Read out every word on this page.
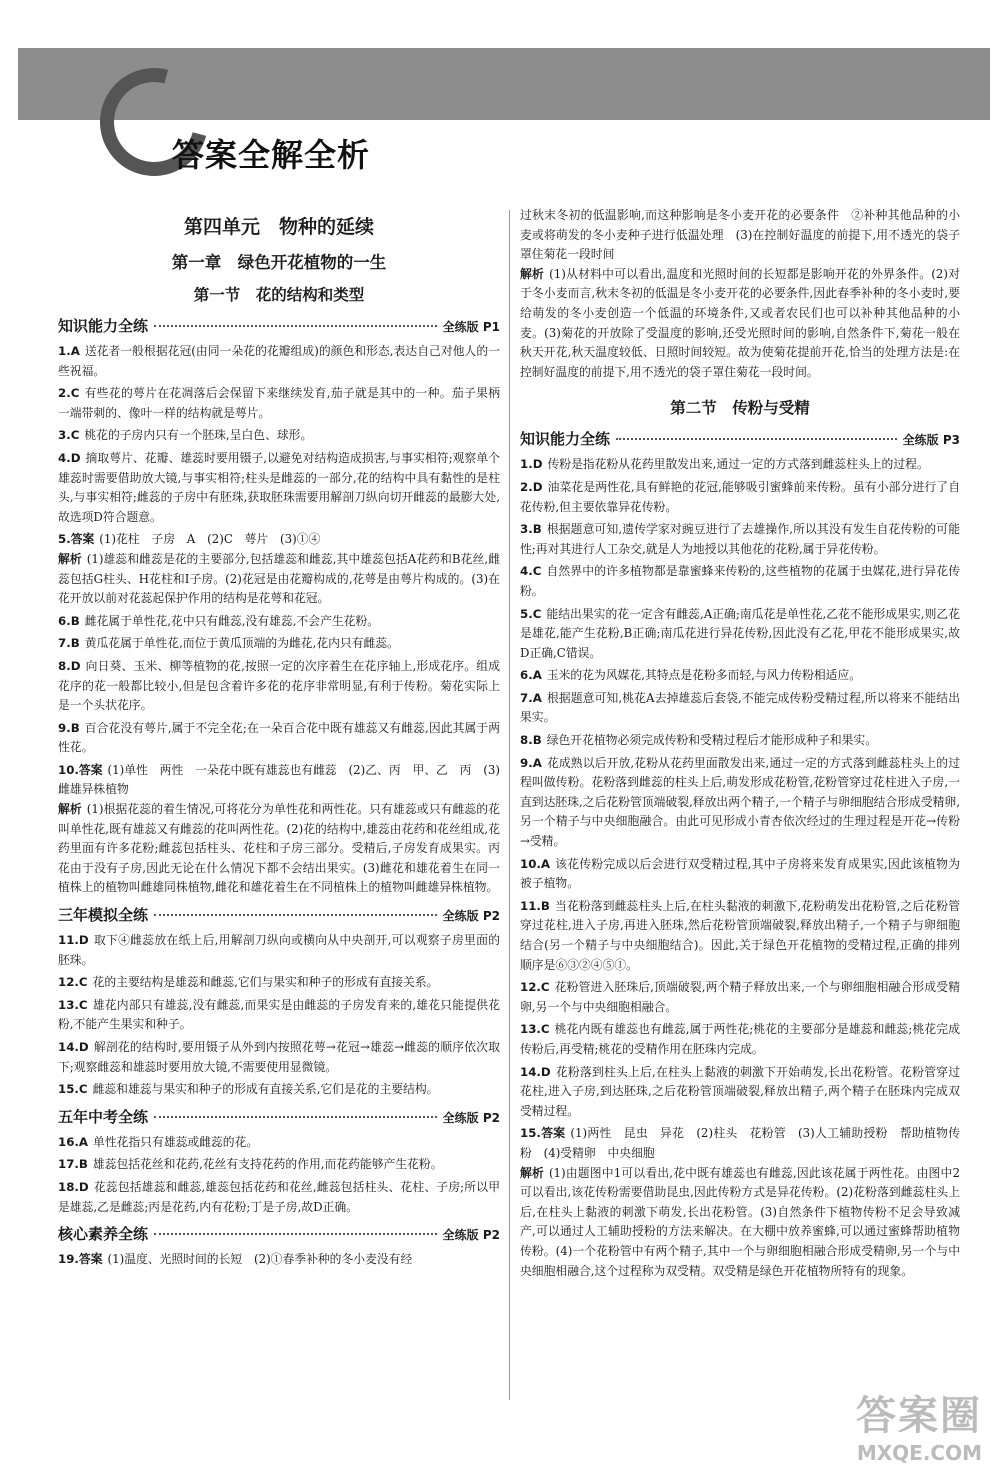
答案全解全析
第四单元　物种的延续
第一章　绿色开花植物的一生
第一节　花的结构和类型
知识能力全练	全练版 P1
1.A 送花者一般根据花冠(由同一朵花的花瓣组成)的颜色和形态,表达自己对他人的一些祝福。
2.C 有些花的萼片在花凋落后会保留下来继续发育,茄子就是其中的一种。茄子果柄一端带刺的、像叶一样的结构就是萼片。
3.C 桃花的子房内只有一个胚珠,呈白色、球形。
4.D 摘取萼片、花瓣、雄蕊时要用镊子,以避免对结构造成损害,与事实相符;观察单个雄蕊时需要借助放大镜,与事实相符;柱头是雌蕊的一部分,花的结构中具有黏性的是柱头,与事实相符;雌蕊的子房中有胚珠,获取胚珠需要用解剖刀纵向切开雌蕊的最膨大处,故选项D符合题意。
5.答案 (1)花柱　子房　A　(2)C　萼片　(3)①④
解析 (1)雄蕊和雌蕊是花的主要部分,包括雄蕊和雌蕊,其中雄蕊包括A花药和B花丝,雌蕊包括G柱头、H花柱和I子房。(2)花冠是由花瓣构成的,花萼是由萼片构成的。(3)在花开放以前对花蕊起保护作用的结构是花萼和花冠。
6.B 雌花属于单性花,花中只有雌蕊,没有雄蕊,不会产生花粉。
7.B 黄瓜花属于单性花,而位于黄瓜顶端的为雌花,花内只有雌蕊。
8.D 向日葵、玉米、柳等植物的花,按照一定的次序着生在花序轴上,形成花序。组成花序的花一般都比较小,但是包含着许多花的花序非常明显,有利于传粉。菊花实际上是一个头状花序。
9.B 百合花没有萼片,属于不完全花;在一朵百合花中既有雄蕊又有雌蕊,因此其属于两性花。
10.答案 (1)单性　两性　一朵花中既有雄蕊也有雌蕊　(2)乙、丙　甲、乙　丙　(3)雌雄异株植物
解析 (1)根据花蕊的着生情况,可将花分为单性花和两性花。只有雄蕊或只有雌蕊的花叫单性花,既有雄蕊又有雌蕊的花叫两性花。(2)花的结构中,雄蕊由花药和花丝组成,花药里面有许多花粉;雌蕊包括柱头、花柱和子房三部分。受精后,子房发育成果实。丙花由于没有子房,因此无论在什么情况下都不会结出果实。(3)雌花和雄花着生在同一植株上的植物叫雌雄同株植物,雌花和雄花着生在不同植株上的植物叫雌雄异株植物。
三年模拟全练	全练版 P2
11.D 取下④雌蕊放在纸上后,用解剖刀纵向或横向从中央剖开,可以观察子房里面的胚珠。
12.C 花的主要结构是雄蕊和雌蕊,它们与果实和种子的形成有直接关系。
13.C 雄花内部只有雄蕊,没有雌蕊,而果实是由雌蕊的子房发育来的,雄花只能提供花粉,不能产生果实和种子。
14.D 解剖花的结构时,要用镊子从外到内按照花萼→花冠→雄蕊→雌蕊的顺序依次取下;观察雌蕊和雄蕊时要用放大镜,不需要使用显微镜。
15.C 雌蕊和雄蕊与果实和种子的形成有直接关系,它们是花的主要结构。
五年中考全练	全练版 P2
16.A 单性花指只有雄蕊或雌蕊的花。
17.B 雄蕊包括花丝和花药,花丝有支持花药的作用,而花药能够产生花粉。
18.D 花蕊包括雄蕊和雌蕊,雄蕊包括花药和花丝,雌蕊包括柱头、花柱、子房;所以甲是雄蕊,乙是雌蕊;丙是花药,内有花粉;丁是子房,故D正确。
核心素养全练	全练版 P2
19.答案 (1)温度、光照时间的长短　(2)①春季补种的冬小麦没有经
过秋末冬初的低温影响,而这种影响是冬小麦开花的必要条件　②补种其他品种的小麦或将萌发的冬小麦种子进行低温处理　(3)在控制好温度的前提下,用不透光的袋子罩住菊花一段时间
解析 (1)从材料中可以看出,温度和光照时间的长短都是影响开花的外界条件。(2)对于冬小麦而言,秋末冬初的低温是冬小麦开花的必要条件,因此春季补种的冬小麦时,要给萌发的冬小麦创造一个低温的环境条件,又或者农民们也可以补种其他品种的小麦。(3)菊花的开放除了受温度的影响,还受光照时间的影响,自然条件下,菊花一般在秋天开花,秋天温度较低、日照时间较短。故为使菊花提前开花,恰当的处理方法是:在控制好温度的前提下,用不透光的袋子罩住菊花一段时间。
第二节　传粉与受精
知识能力全练	全练版 P3
1.D 传粉是指花粉从花药里散发出来,通过一定的方式落到雌蕊柱头上的过程。
2.D 油菜花是两性花,具有鲜艳的花冠,能够吸引蜜蜂前来传粉。虽有小部分进行了自花传粉,但主要依靠异花传粉。
3.B 根据题意可知,遗传学家对豌豆进行了去雄操作,所以其没有发生自花传粉的可能性;再对其进行人工杂交,就是人为地授以其他花的花粉,属于异花传粉。
4.C 自然界中的许多植物都是靠蜜蜂来传粉的,这些植物的花属于虫媒花,进行异花传粉。
5.C 能结出果实的花一定含有雌蕊,A正确;南瓜花是单性花,乙花不能形成果实,则乙花是雄花,能产生花粉,B正确;南瓜花进行异花传粉,因此没有乙花,甲花不能形成果实,故D正确,C错误。
6.A 玉米的花为风媒花,其特点是花粉多而轻,与风力传粉相适应。
7.A 根据题意可知,桃花A去掉雄蕊后套袋,不能完成传粉受精过程,所以将来不能结出果实。
8.B 绿色开花植物必须完成传粉和受精过程后才能形成种子和果实。
9.A 花成熟以后开放,花粉从花药里面散发出来,通过一定的方式落到雌蕊柱头上的过程叫做传粉。花粉落到雌蕊的柱头上后,萌发形成花粉管,花粉管穿过花柱进入子房,一直到达胚珠,之后花粉管顶端破裂,释放出两个精子,一个精子与卵细胞结合形成受精卵,另一个精子与中央细胞融合。由此可见形成小青杏依次经过的生理过程是开花→传粉→受精。
10.A 该花传粉完成以后会进行双受精过程,其中子房将来发育成果实,因此该植物为被子植物。
11.B 当花粉落到雌蕊柱头上后,在柱头黏液的刺激下,花粉萌发出花粉管,之后花粉管穿过花柱,进入子房,再进入胚珠,然后花粉管顶端破裂,释放出精子,一个精子与卵细胞结合(另一个精子与中央细胞结合)。因此,关于绿色开花植物的受精过程,正确的排列顺序是⑥③②④⑤①。
12.C 花粉管进入胚珠后,顶端破裂,两个精子释放出来,一个与卵细胞相融合形成受精卵,另一个与中央细胞相融合。
13.C 桃花内既有雄蕊也有雌蕊,属于两性花;桃花的主要部分是雄蕊和雌蕊;桃花完成传粉后,再受精;桃花的受精作用在胚珠内完成。
14.D 花粉落到柱头上后,在柱头上黏液的刺激下开始萌发,长出花粉管。花粉管穿过花柱,进入子房,到达胚珠,之后花粉管顶端破裂,释放出精子,两个精子在胚珠内完成双受精过程。
15.答案 (1)两性　昆虫　异花　(2)柱头　花粉管　(3)人工辅助授粉　帮助植物传粉　(4)受精卵　中央细胞
解析 (1)由题图中1可以看出,花中既有雄蕊也有雌蕊,因此该花属于两性花。由图中2可以看出,该花传粉需要借助昆虫,因此传粉方式是异花传粉。(2)花粉落到雌蕊柱头上后,在柱头上黏液的刺激下萌发,长出花粉管。(3)自然条件下植物传粉不足会导致减产,可以通过人工辅助授粉的方法来解决。在大棚中放养蜜蜂,可以通过蜜蜂帮助植物传粉。(4)一个花粉管中有两个精子,其中一个与卵细胞相融合形成受精卵,另一个与中央细胞相融合,这个过程称为双受精。双受精是绿色开花植物所特有的现象。
答案圈
MXQE.COM
